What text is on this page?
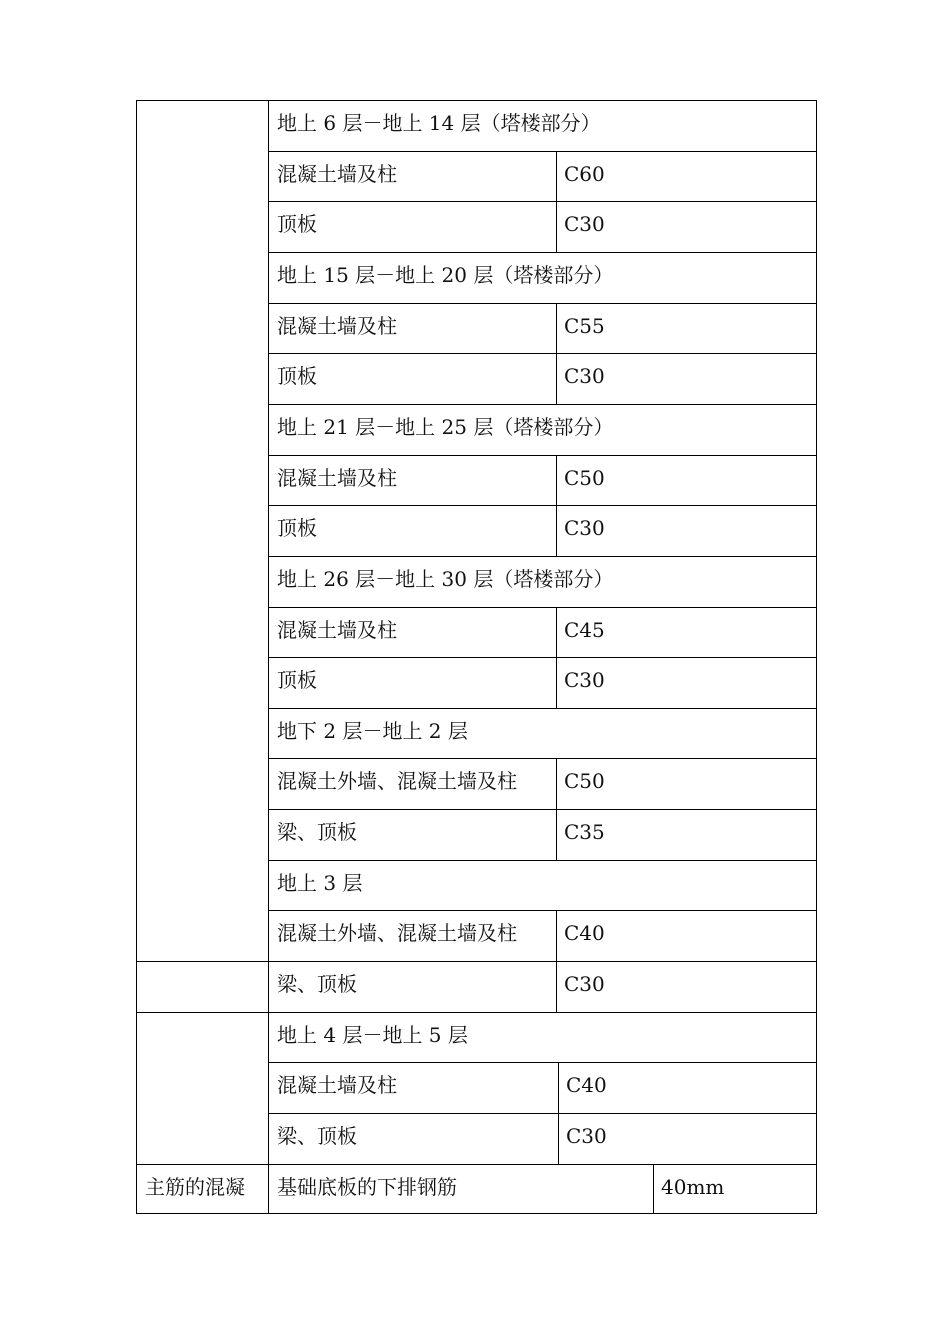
地上 6 层－地上 14 层（塔楼部分）
混凝土墙及柱	C60
顶板	C30
地上 15 层－地上 20 层（塔楼部分）
混凝土墙及柱	C55
顶板	C30
地上 21 层－地上 25 层（塔楼部分）
混凝土墙及柱	C50
顶板	C30
地上 26 层－地上 30 层（塔楼部分）
混凝土墙及柱	C45
顶板	C30
地下 2 层－地上 2 层
混凝土外墙、混凝土墙及柱 C50
梁、顶板	C35
地上 3 层
混凝土外墙、混凝土墙及柱 C40
梁、顶板	C30
地上 4 层－地上 5 层
混凝土墙及柱	C40
梁、顶板	C30
主筋的混凝 基础底板的下排钢筋	40mm
